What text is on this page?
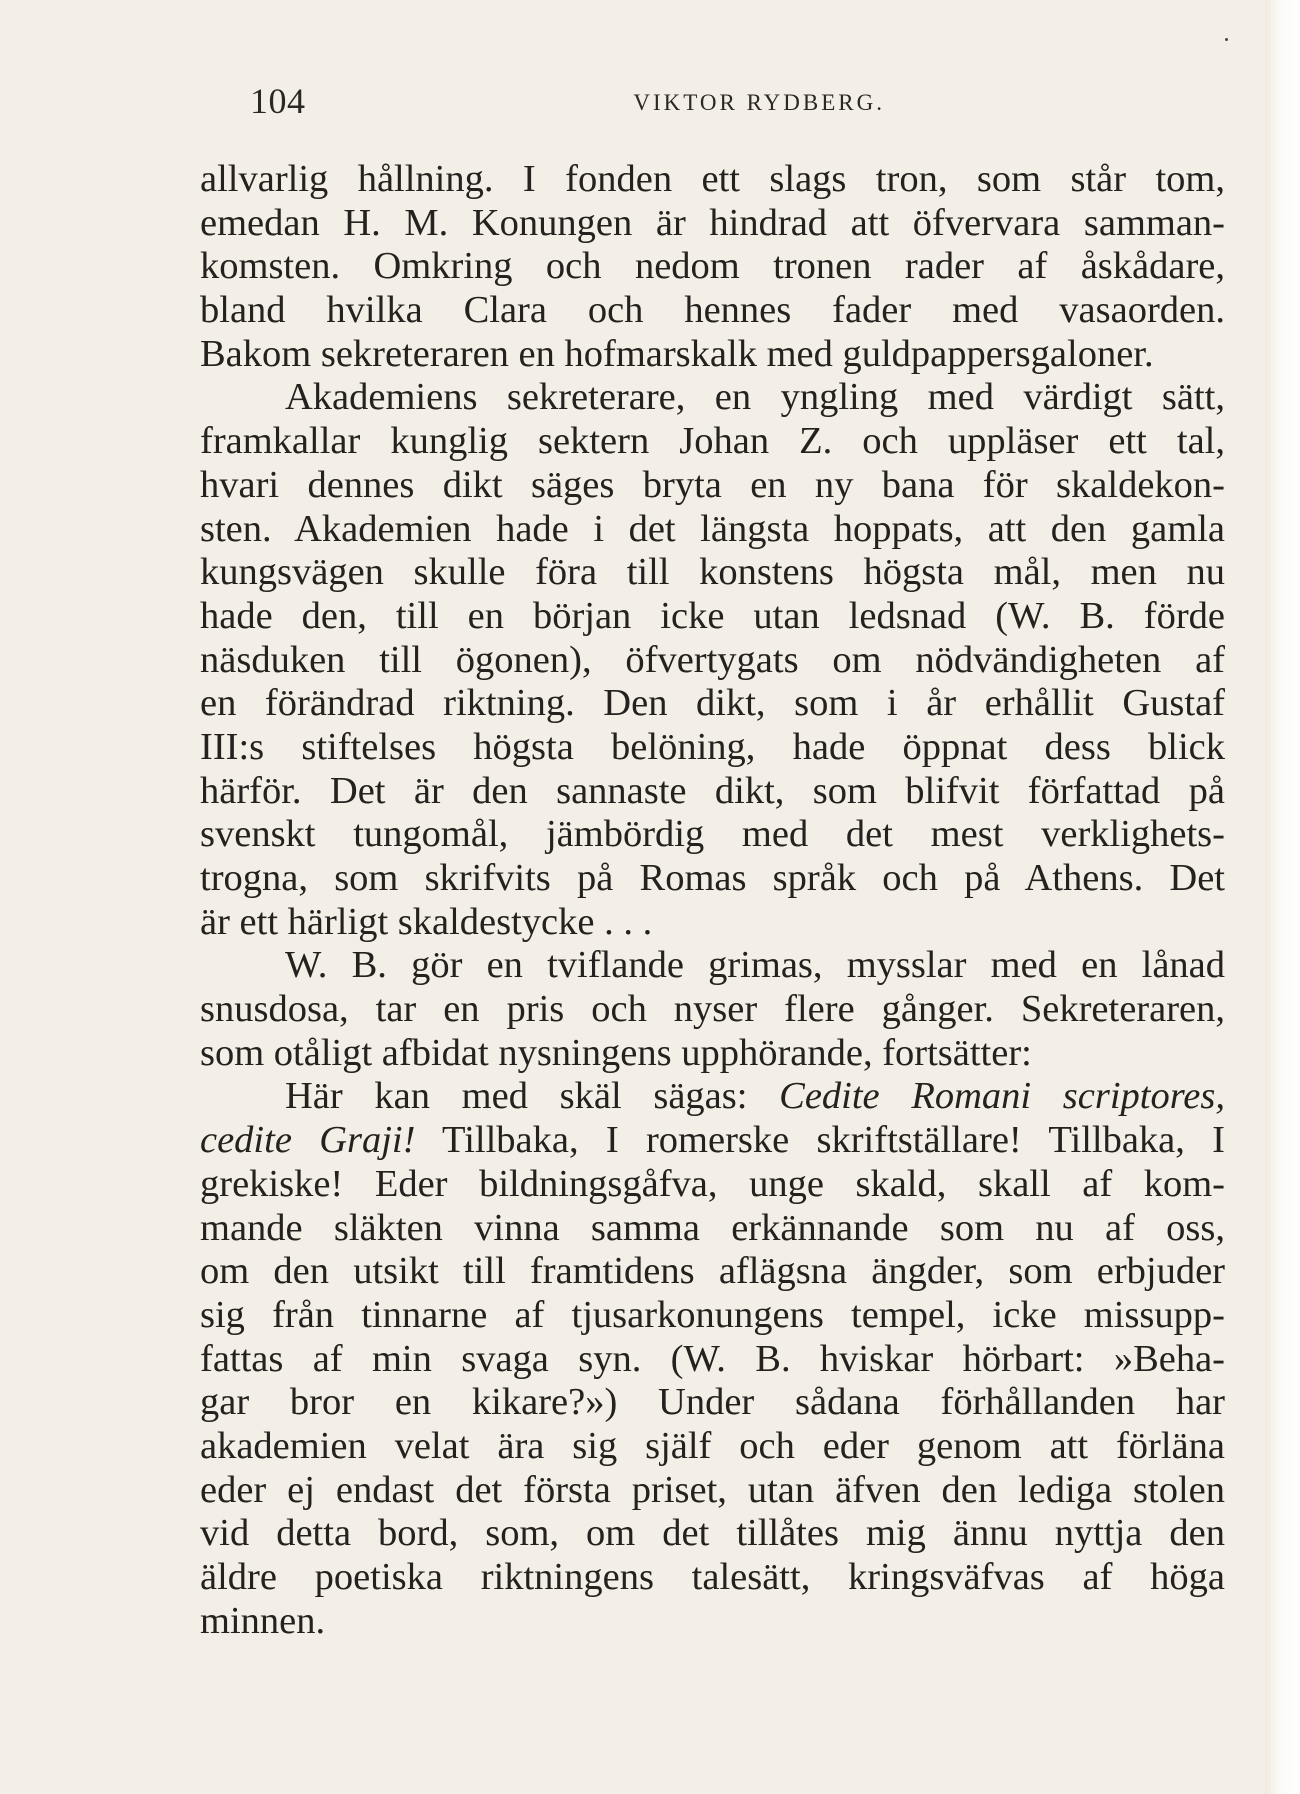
104	VIKTOR RYDBERG.
allvarlig hållning. I fonden ett slags tron, som står tom,
emedan H. M. Konungen är hindrad att öfvervara samman-
komsten. Omkring och nedom tronen rader af åskådare,
bland hvilka Clara och hennes fader med vasaorden.
Bakom sekreteraren en hofmarskalk med guldpappersgaloner.
Akademiens sekreterare, en yngling med värdigt sätt,
framkallar kunglig sektern Johan Z. och uppläser ett tal,
hvari dennes dikt säges bryta en ny bana för skaldekon-
sten. Akademien hade i det längsta hoppats, att den gamla
kungsvägen skulle föra till konstens högsta mål, men nu
hade den, till en början icke utan ledsnad (W. B. förde
näsduken till ögonen), öfvertygats om nödvändigheten af
en förändrad riktning. Den dikt, som i år erhållit Gustaf
III:s stiftelses högsta belöning, hade öppnat dess blick
härför. Det är den sannaste dikt, som blifvit författad på
svenskt tungomål, jämbördig med det mest verklighets-
trogna, som skrifvits på Romas språk och på Athens. Det
är ett härligt skaldestycke . . .
W. B. gör en tviflande grimas, mysslar med en lånad
snusdosa, tar en pris och nyser flere gånger. Sekreteraren,
som otåligt afbidat nysningens upphörande, fortsätter:
Här kan med skäl sägas: Cedite Romani scriptores,
cedite Graji! Tillbaka, I romerske skriftställare! Tillbaka, I
grekiske! Eder bildningsgåfva, unge skald, skall af kom-
mande släkten vinna samma erkännande som nu af oss,
om den utsikt till framtidens aflägsna ängder, som erbjuder
sig från tinnarne af tjusarkonungens tempel, icke missupp-
fattas af min svaga syn. (W. B. hviskar hörbart: »Beha-
gar bror en kikare?») Under sådana förhållanden har
akademien velat ära sig själf och eder genom att förläna
eder ej endast det första priset, utan äfven den lediga stolen
vid detta bord, som, om det tillåtes mig ännu nyttja den
äldre poetiska riktningens talesätt, kringsväfvas af höga
minnen.
